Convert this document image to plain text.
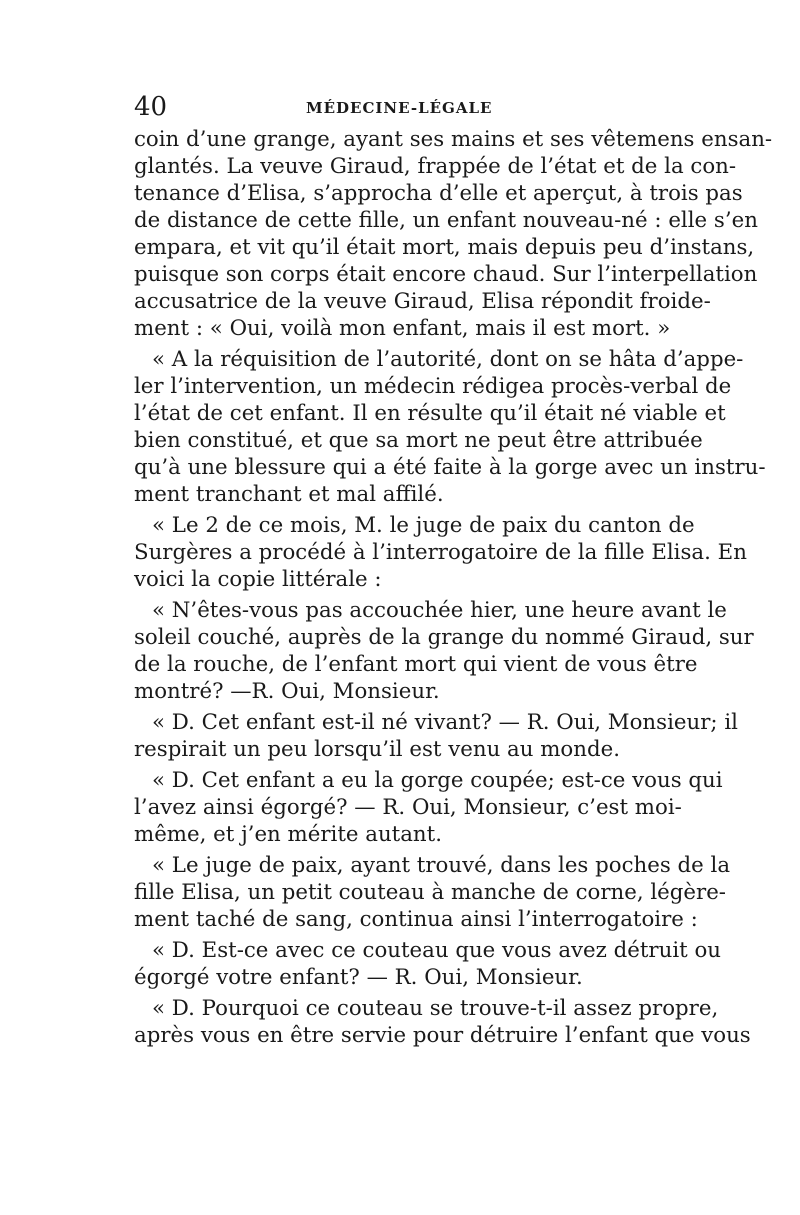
40	MÉDECINE-LÉGALE
coin d’une grange, ayant ses mains et ses vêtemens ensan-
glantés. La veuve Giraud, frappée de l’état et de la con-
tenance d’Elisa, s’approcha d’elle et aperçut, à trois pas
de distance de cette fille, un enfant nouveau-né : elle s’en
empara, et vit qu’il était mort, mais depuis peu d’instans,
puisque son corps était encore chaud. Sur l’interpellation
accusatrice de la veuve Giraud, Elisa répondit froide-
ment : « Oui, voilà mon enfant, mais il est mort. »
« A la réquisition de l’autorité, dont on se hâta d’appe-
ler l’intervention, un médecin rédigea procès-verbal de
l’état de cet enfant. Il en résulte qu’il était né viable et
bien constitué, et que sa mort ne peut être attribuée
qu’à une blessure qui a été faite à la gorge avec un instru-
ment tranchant et mal affilé.
« Le 2 de ce mois, M. le juge de paix du canton de
Surgères a procédé à l’interrogatoire de la fille Elisa. En
voici la copie littérale :
« N’êtes-vous pas accouchée hier, une heure avant le
soleil couché, auprès de la grange du nommé Giraud, sur
de la rouche, de l’enfant mort qui vient de vous être
montré? —R. Oui, Monsieur.
« D. Cet enfant est-il né vivant? — R. Oui, Monsieur; il
respirait un peu lorsqu’il est venu au monde.
« D. Cet enfant a eu la gorge coupée; est-ce vous qui
l’avez ainsi égorgé? — R. Oui, Monsieur, c’est moi-
même, et j’en mérite autant.
« Le juge de paix, ayant trouvé, dans les poches de la
fille Elisa, un petit couteau à manche de corne, légère-
ment taché de sang, continua ainsi l’interrogatoire :
« D. Est-ce avec ce couteau que vous avez détruit ou
égorgé votre enfant? — R. Oui, Monsieur.
« D. Pourquoi ce couteau se trouve-t-il assez propre,
après vous en être servie pour détruire l’enfant que vous
